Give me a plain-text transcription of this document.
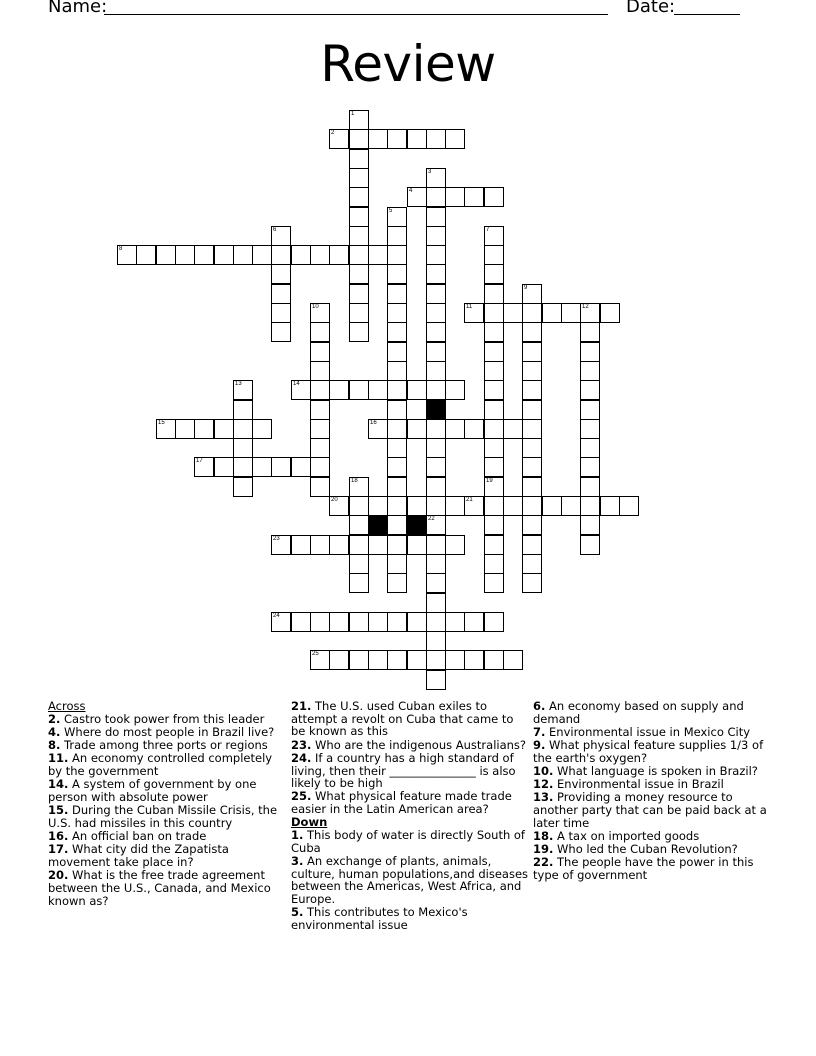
Name:	Date:
Review
1
2
3
22
4
5
6	7
19
8
9
10	11	12
13	14
15	16
17
18
20	21
23
24
25

Across

2. Castro took power from this leader

4. Where do most people in Brazil live?

8. Trade among three ports or regions

11. An economy controlled completely by the government

14. A system of government by one person with absolute power

15. During the Cuban Missile Crisis, the U.S. had missiles in this country

16. An official ban on trade

17. What city did the Zapatista movement take place in?

20. What is the free trade agreement between the U.S., Canada, and Mexico known as?

21. The U.S. used Cuban exiles to attempt a revolt on Cuba that came to be known as this

23. Who are the indigenous Australians?

24. If a country has a high standard of living, then their _______________ is also likely to be high

25. What physical feature made trade easier in the Latin American area?

Down

1. This body of water is directly South of Cuba

3. An exchange of plants, animals, culture, human populations,and diseases between the Americas, West Africa, and Europe.

5. This contributes to Mexico's environmental issue

6. An economy based on supply and demand

7. Environmental issue in Mexico City

9. What physical feature supplies 1/3 of the earth's oxygen?

10. What language is spoken in Brazil?

12. Environmental issue in Brazil

13. Providing a money resource to another party that can be paid back at a later time

18. A tax on imported goods

19. Who led the Cuban Revolution?

22. The people have the power in this type of government
